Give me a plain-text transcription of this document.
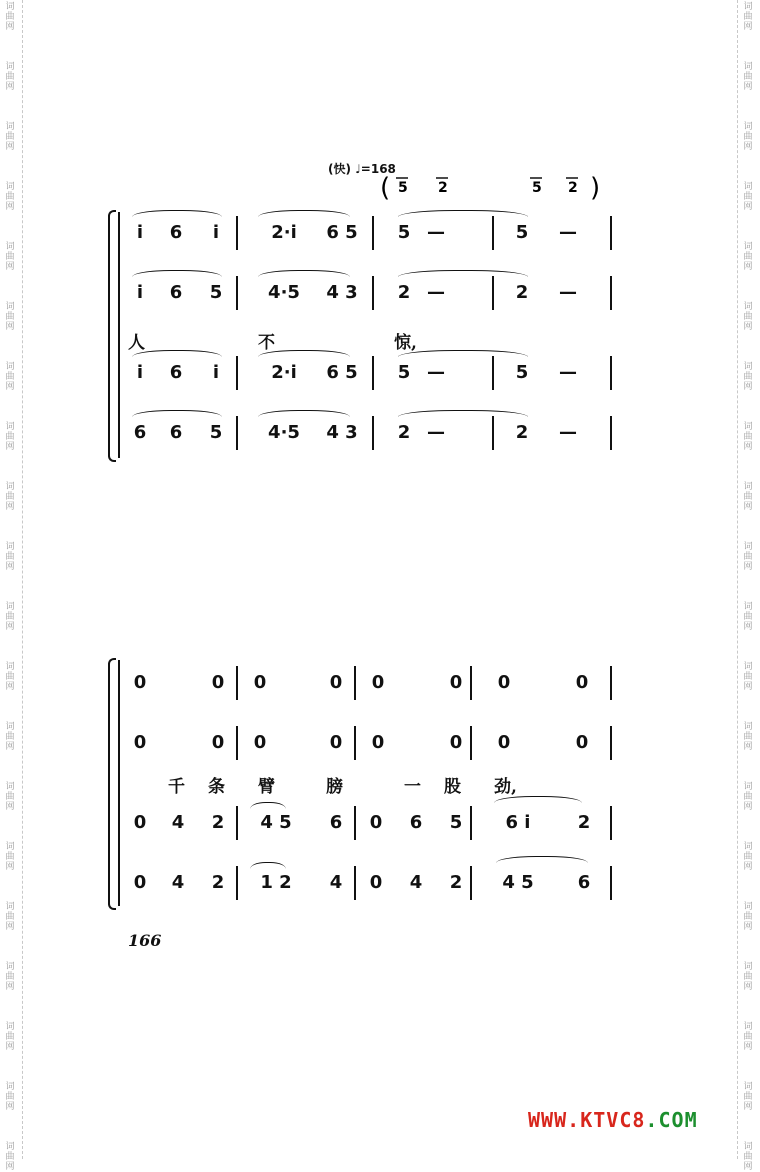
词曲网
词曲网
词曲网
词曲网
词曲网
词曲网
词曲网
词曲网
词曲网
词曲网
词曲网
词曲网
词曲网
词曲网
词曲网
词曲网
词曲网
词曲网
词曲网
词曲网
词曲网
词曲网
词曲网
词曲网
词曲网
词曲网
词曲网
词曲网
词曲网
词曲网
词曲网
词曲网
词曲网
词曲网
词曲网
词曲网
词曲网
词曲网
词曲网
词曲网
(快) ♩=168
( 5 2	5 2 )
人	不	惊,
千 条 臂	膀	一 股 劲,
166
WWW.KTVC8.COM
i	6	i	2·i	6 5	5 —	5	—
i	6	5	4·5	4 3	2 —	2	—
i	6	i	2·i	6 5	5 —	5	—
6	6	5	4·5	4 3	2 —	2	—
0	0	0	0	0	0	0	0
0	0	0	0	0	0	0	0
0	4	2	4 5	6	0	6	5	6 i	2
0	4	2	1 2	4	0	4	2	4 5	6
